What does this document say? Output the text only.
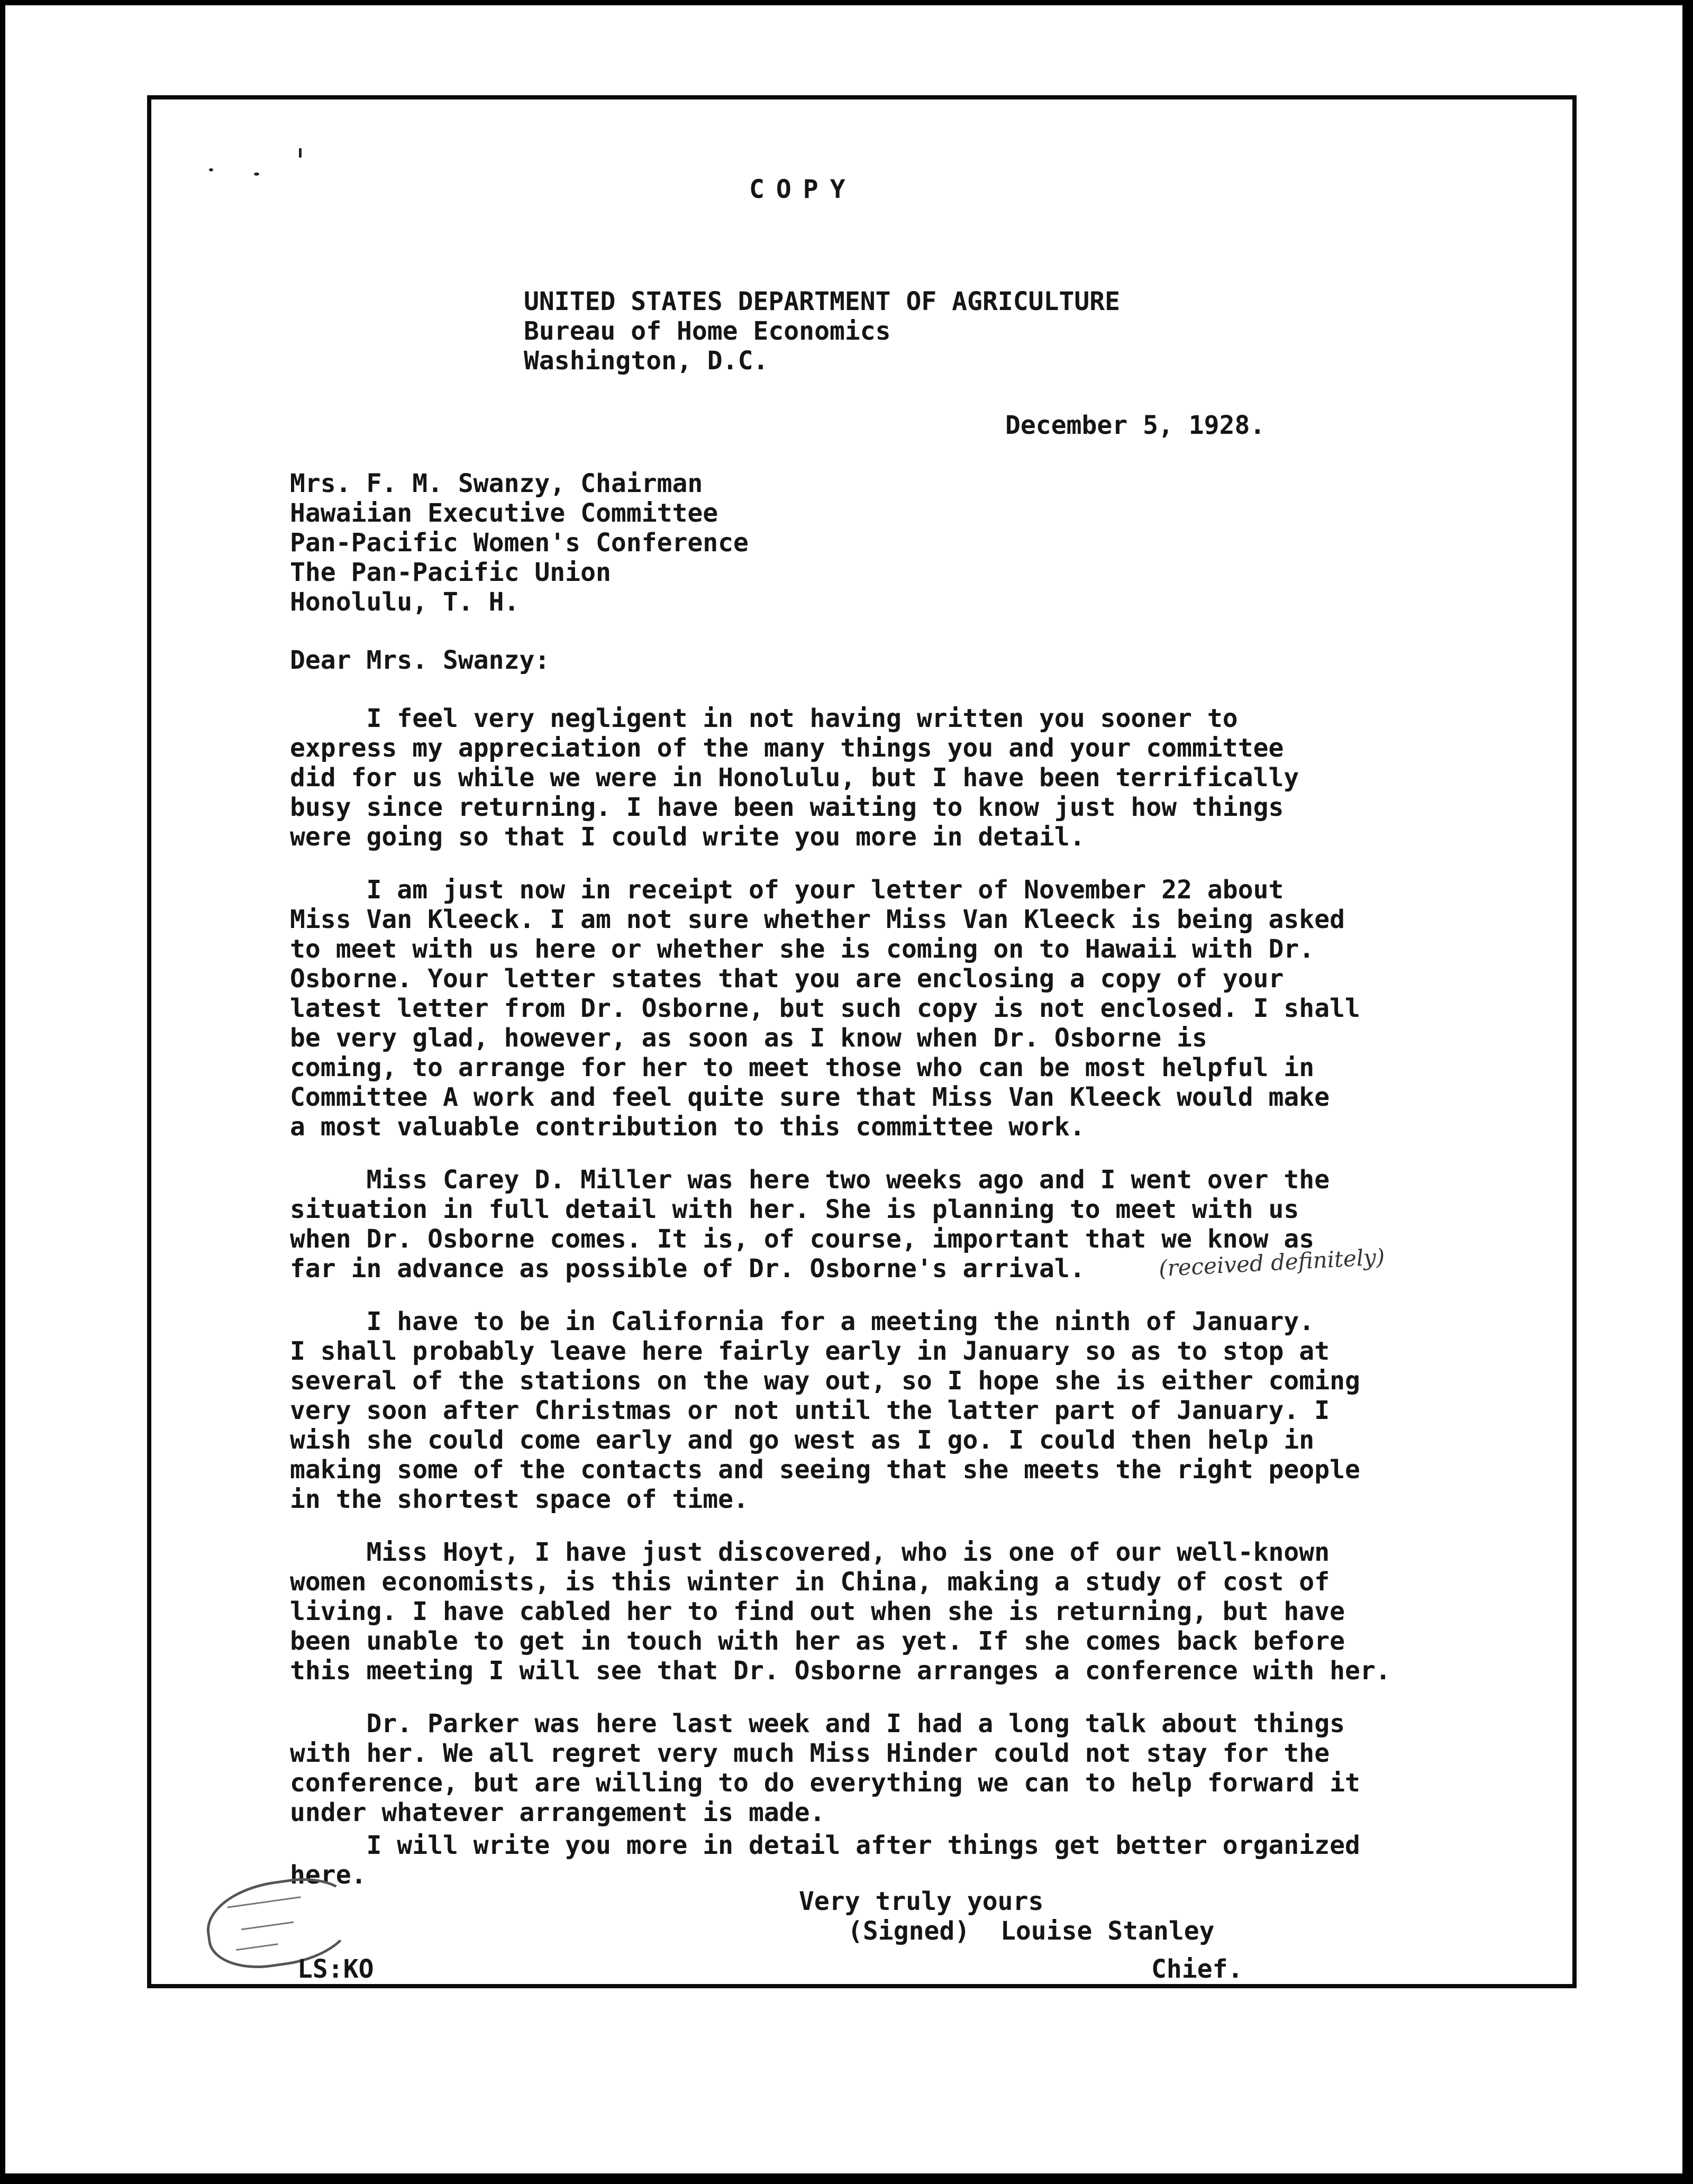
COPY
UNITED STATES DEPARTMENT OF AGRICULTURE
Bureau of Home Economics
Washington, D.C.
December 5, 1928.
Mrs. F. M. Swanzy, Chairman
Hawaiian Executive Committee
Pan-Pacific Women's Conference
The Pan-Pacific Union
Honolulu, T. H.
Dear Mrs. Swanzy:
I feel very negligent in not having written you sooner to
express my appreciation of the many things you and your committee
did for us while we were in Honolulu, but I have been terrifically
busy since returning. I have been waiting to know just how things
were going so that I could write you more in detail.
I am just now in receipt of your letter of November 22 about
Miss Van Kleeck. I am not sure whether Miss Van Kleeck is being asked
to meet with us here or whether she is coming on to Hawaii with Dr.
Osborne. Your letter states that you are enclosing a copy of your
latest letter from Dr. Osborne, but such copy is not enclosed. I shall
be very glad, however, as soon as I know when Dr. Osborne is
coming, to arrange for her to meet those who can be most helpful in
Committee A work and feel quite sure that Miss Van Kleeck would make
a most valuable contribution to this committee work.
Miss Carey D. Miller was here two weeks ago and I went over the
situation in full detail with her. She is planning to meet with us
when Dr. Osborne comes. It is, of course, important that we know as
far in advance as possible of Dr. Osborne's arrival.	(received definitely)
I have to be in California for a meeting the ninth of January.
I shall probably leave here fairly early in January so as to stop at
several of the stations on the way out, so I hope she is either coming
very soon after Christmas or not until the latter part of January. I
wish she could come early and go west as I go. I could then help in
making some of the contacts and seeing that she meets the right people
in the shortest space of time.
Miss Hoyt, I have just discovered, who is one of our well-known
women economists, is this winter in China, making a study of cost of
living. I have cabled her to find out when she is returning, but have
been unable to get in touch with her as yet. If she comes back before
this meeting I will see that Dr. Osborne arranges a conference with her.
Dr. Parker was here last week and I had a long talk about things
with her. We all regret very much Miss Hinder could not stay for the
conference, but are willing to do everything we can to help forward it
under whatever arrangement is made.
I will write you more in detail after things get better organized
here.
Very truly yours
(Signed)  Louise Stanley
LS:KO	Chief.
